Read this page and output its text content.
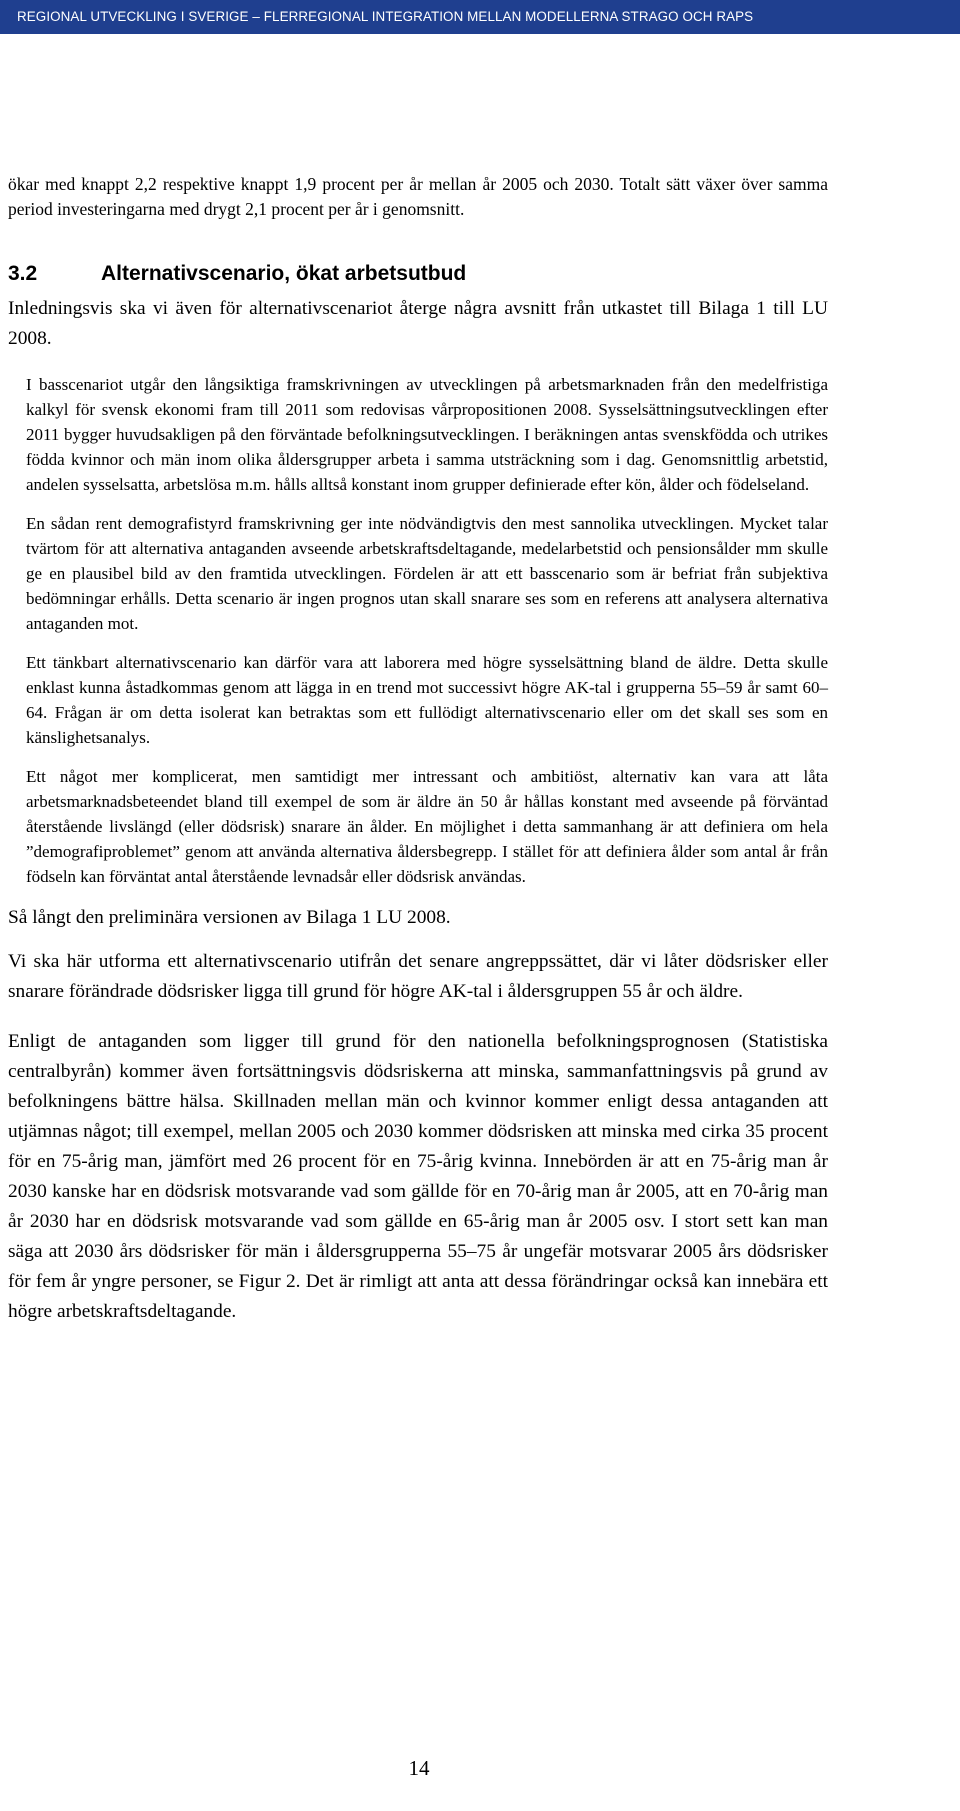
REGIONAL UTVECKLING I SVERIGE – FLERREGIONAL INTEGRATION MELLAN MODELLERNA STRAGO OCH RAPS

ökar med knappt 2,2 respektive knappt 1,9 procent per år mellan år 2005 och 2030. Totalt sätt växer över samma period investeringarna med drygt 2,1 procent per år i genomsnitt.

3.2	Alternativscenario, ökat arbetsutbud

Inledningsvis ska vi även för alternativscenariot återge några avsnitt från utkastet till Bilaga 1 till LU 2008.

I basscenariot utgår den långsiktiga framskrivningen av utvecklingen på arbetsmarknaden från den medelfristiga kalkyl för svensk ekonomi fram till 2011 som redovisas vårpropositionen 2008. Sysselsättningsutvecklingen efter 2011 bygger huvudsakligen på den förväntade befolkningsutvecklingen. I beräkningen antas svenskfödda och utrikes födda kvinnor och män inom olika åldersgrupper arbeta i samma utsträckning som i dag. Genomsnittlig arbetstid, andelen sysselsatta, arbetslösa m.m. hålls alltså konstant inom grupper definierade efter kön, ålder och födelseland.

En sådan rent demografistyrd framskrivning ger inte nödvändigtvis den mest sannolika utvecklingen. Mycket talar tvärtom för att alternativa antaganden avseende arbetskraftsdeltagande, medelarbetstid och pensionsålder mm skulle ge en plausibel bild av den framtida utvecklingen. Fördelen är att ett basscenario som är befriat från subjektiva bedömningar erhålls. Detta scenario är ingen prognos utan skall snarare ses som en referens att analysera alternativa antaganden mot.

Ett tänkbart alternativscenario kan därför vara att laborera med högre sysselsättning bland de äldre. Detta skulle enklast kunna åstadkommas genom att lägga in en trend mot successivt högre AK-tal i grupperna 55–59 år samt 60–64. Frågan är om detta isolerat kan betraktas som ett fullödigt alternativscenario eller om det skall ses som en känslighetsanalys.

Ett något mer komplicerat, men samtidigt mer intressant och ambitiöst, alternativ kan vara att låta arbetsmarknadsbeteendet bland till exempel de som är äldre än 50 år hållas konstant med avseende på förväntad återstående livslängd (eller dödsrisk) snarare än ålder. En möjlighet i detta sammanhang är att definiera om hela ”demografiproblemet” genom att använda alternativa åldersbegrepp. I stället för att definiera ålder som antal år från födseln kan förväntat antal återstående levnadsår eller dödsrisk användas.

Så långt den preliminära versionen av Bilaga 1 LU 2008.

Vi ska här utforma ett alternativscenario utifrån det senare angreppssättet, där vi låter dödsrisker eller snarare förändrade dödsrisker ligga till grund för högre AK-tal i åldersgruppen 55 år och äldre.

Enligt de antaganden som ligger till grund för den nationella befolkningsprognosen (Statistiska centralbyrån) kommer även fortsättningsvis dödsriskerna att minska, sammanfattningsvis på grund av befolkningens bättre hälsa. Skillnaden mellan män och kvinnor kommer enligt dessa antaganden att utjämnas något; till exempel, mellan 2005 och 2030 kommer dödsrisken att minska med cirka 35 procent för en 75-årig man, jämfört med 26 procent för en 75-årig kvinna. Innebörden är att en 75-årig man år 2030 kanske har en dödsrisk motsvarande vad som gällde för en 70-årig man år 2005, att en 70-årig man år 2030 har en dödsrisk motsvarande vad som gällde en 65-årig man år 2005 osv. I stort sett kan man säga att 2030 års dödsrisker för män i åldersgrupperna 55–75 år ungefär motsvarar 2005 års dödsrisker för fem år yngre personer, se Figur 2. Det är rimligt att anta att dessa förändringar också kan innebära ett högre arbetskraftsdeltagande.

14
